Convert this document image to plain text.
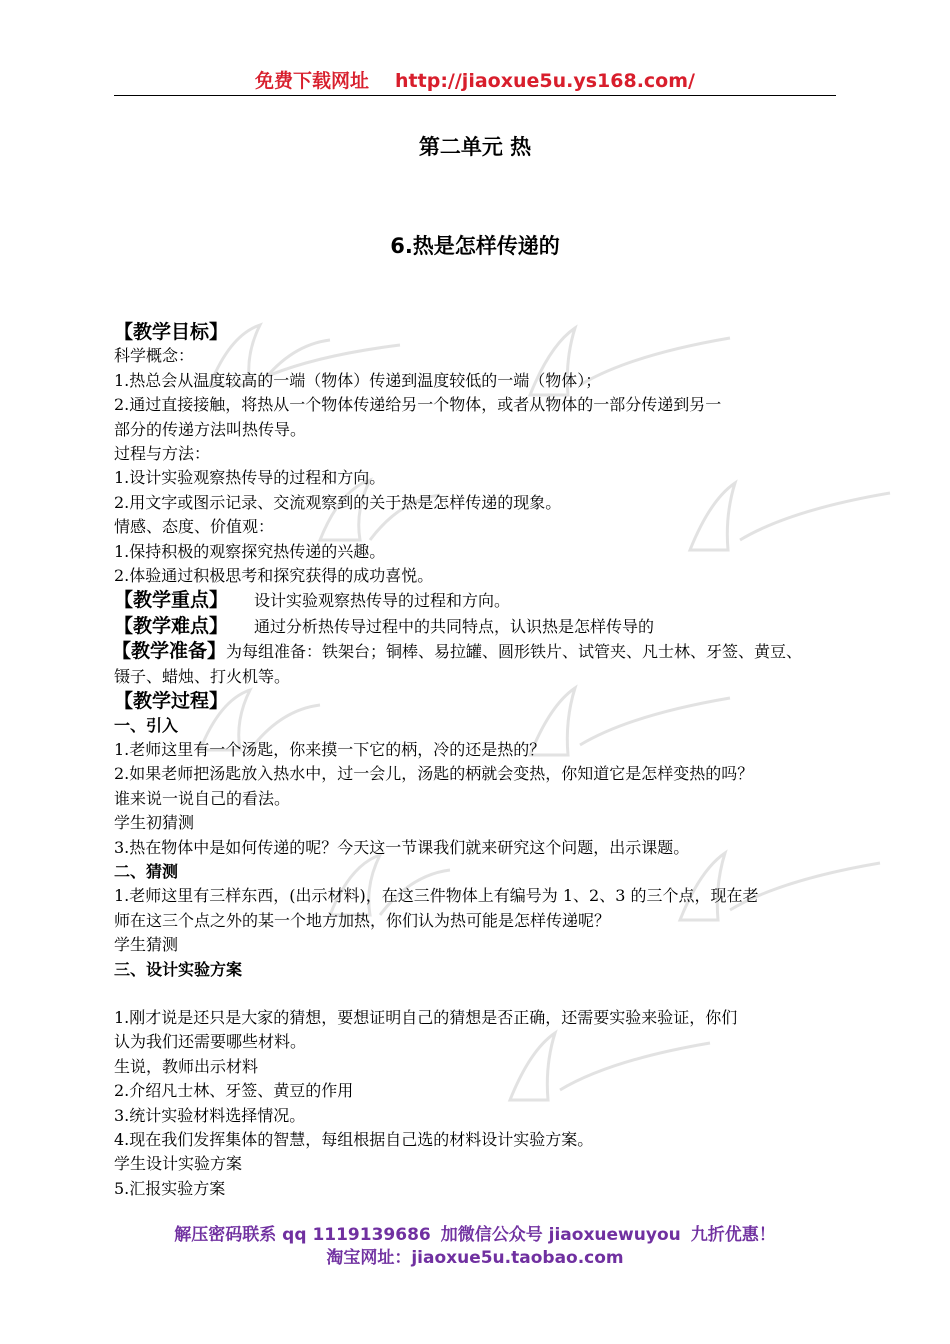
免费下载网址 http://jiaoxue5u.ys168.com/
第二单元 热
6.热是怎样传递的

【教学目标】

科学概念：

1.热总会从温度较高的一端（物体）传递到温度较低的一端（物体）；

2.通过直接接触，将热从一个物体传递给另一个物体，或者从物体的一部分传递到另一

部分的传递方法叫热传导。

过程与方法：

1.设计实验观察热传导的过程和方向。

2.用文字或图示记录、交流观察到的关于热是怎样传递的现象。

情感、态度、价值观：

1.保持积极的观察探究热传递的兴趣。

2.体验通过积极思考和探究获得的成功喜悦。

【教学重点】 设计实验观察热传导的过程和方向。

【教学难点】 通过分析热传导过程中的共同特点，认识热是怎样传导的

【教学准备】为每组准备：铁架台；铜棒、易拉罐、圆形铁片、试管夹、凡士林、牙签、黄豆、

镊子、蜡烛、打火机等。

【教学过程】

一、引入

1.老师这里有一个汤匙，你来摸一下它的柄，冷的还是热的？

2.如果老师把汤匙放入热水中，过一会儿，汤匙的柄就会变热，你知道它是怎样变热的吗？

谁来说一说自己的看法。

学生初猜测

3.热在物体中是如何传递的呢？今天这一节课我们就来研究这个问题，出示课题。

二、猜测

1.老师这里有三样东西，(出示材料)，在这三件物体上有编号为 1、2、3 的三个点，现在老

师在这三个点之外的某一个地方加热，你们认为热可能是怎样传递呢？

学生猜测

三、设计实验方案

1.刚才说是还只是大家的猜想，要想证明自己的猜想是否正确，还需要实验来验证，你们

认为我们还需要哪些材料。

生说，教师出示材料

2.介绍凡士林、牙签、黄豆的作用

3.统计实验材料选择情况。

4.现在我们发挥集体的智慧，每组根据自己选的材料设计实验方案。

学生设计实验方案

5.汇报实验方案

解压密码联系 qq 1119139686 加微信公众号 jiaoxuewuyou 九折优惠！
淘宝网址：jiaoxue5u.taobao.com
